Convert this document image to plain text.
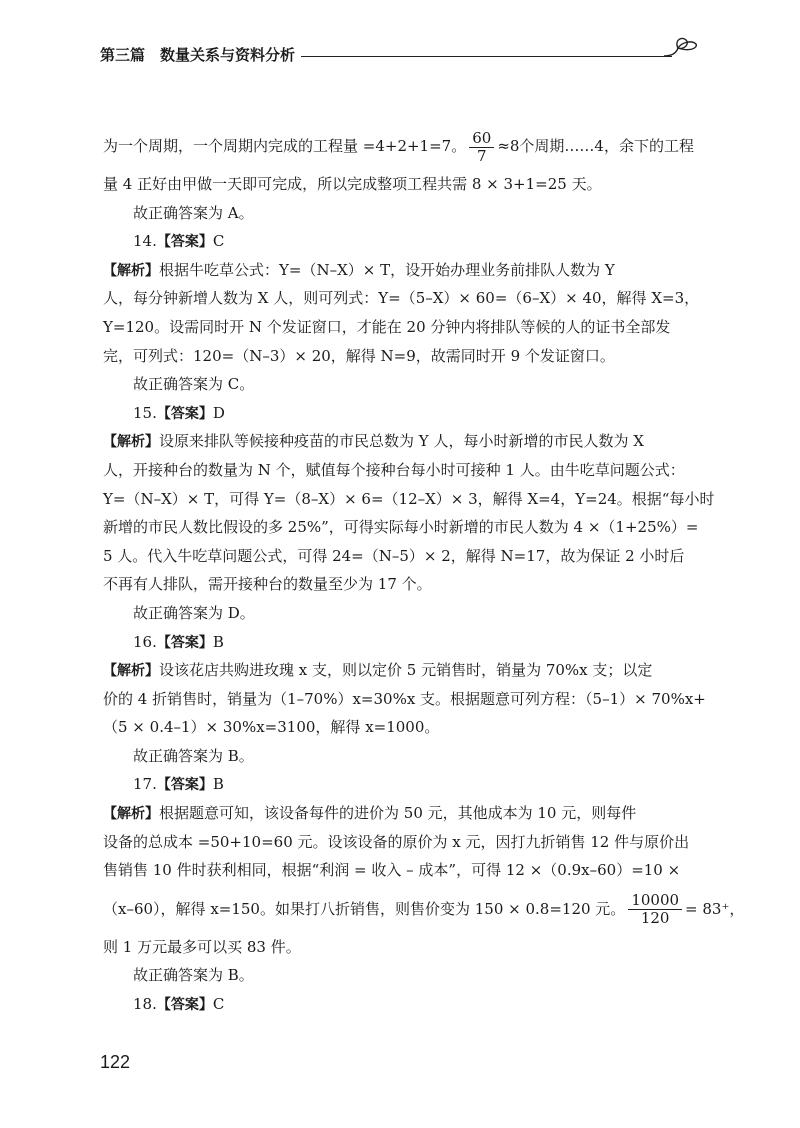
第三篇　数量关系与资料分析
为一个周期，一个周期内完成的工程量 =4+2+1=7。 $\frac{60}{7} \approx 8$个周期……4，余下的工程
量 4 正好由甲做一天即可完成，所以完成整项工程共需 8 × 3+1=25 天。
故正确答案为 A。
14.【答案】C
【解析】根据牛吃草公式：Y=（N–X）× T，设开始办理业务前排队人数为 Y
人，每分钟新增人数为 X 人，则可列式：Y=（5–X）× 60=（6–X）× 40，解得 X=3，
Y=120。设需同时开 N 个发证窗口，才能在 20 分钟内将排队等候的人的证书全部发
完，可列式：120=（N–3）× 20，解得 N=9，故需同时开 9 个发证窗口。
故正确答案为 C。
15.【答案】D
【解析】设原来排队等候接种疫苗的市民总数为 Y 人，每小时新增的市民人数为 X
人，开接种台的数量为 N 个，赋值每个接种台每小时可接种 1 人。由牛吃草问题公式：
Y=（N–X）× T，可得 Y=（8–X）× 6=（12–X）× 3，解得 X=4，Y=24。根据“每小时
新增的市民人数比假设的多 25%”，可得实际每小时新增的市民人数为 4 ×（1+25%）=
5 人。代入牛吃草问题公式，可得 24=（N–5）× 2，解得 N=17，故为保证 2 小时后
不再有人排队，需开接种台的数量至少为 17 个。
故正确答案为 D。
16.【答案】B
【解析】设该花店共购进玫瑰 x 支，则以定价 5 元销售时，销量为 70%x 支；以定
价的 4 折销售时，销量为（1–70%）x=30%x 支。根据题意可列方程：（5–1）× 70%x+
（5 × 0.4–1）× 30%x=3100，解得 x=1000。
故正确答案为 B。
17.【答案】B
【解析】根据题意可知，该设备每件的进价为 50 元，其他成本为 10 元，则每件
设备的总成本 =50+10=60 元。设该设备的原价为 x 元，因打九折销售 12 件与原价出
售销售 10 件时获利相同，根据“利润 = 收入 – 成本”，可得 12 ×（0.9x–60）=10 ×
（x–60），解得 x=150。如果打八折销售，则售价变为 150 × 0.8=120 元。 $\frac{10000}{120} = 83^+$，
则 1 万元最多可以买 83 件。
故正确答案为 B。
18.【答案】C
122
